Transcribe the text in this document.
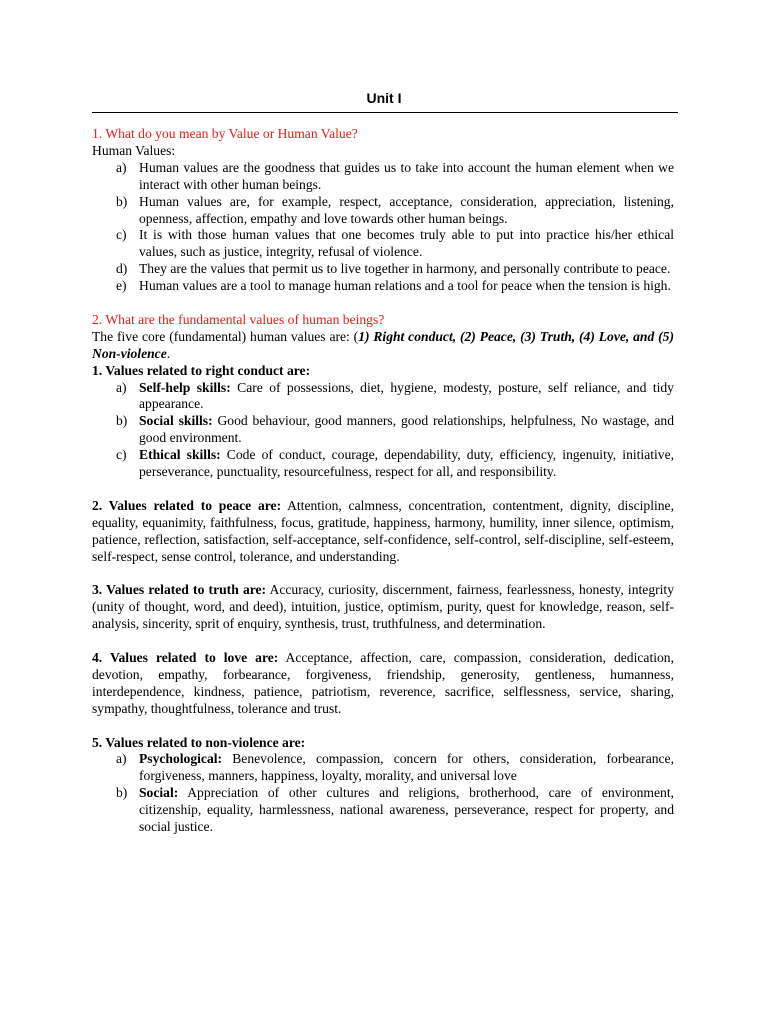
Unit I

1. What do you mean by Value or Human Value?

Human Values:

a) Human values are the goodness that guides us to take into account the human element when we interact with other human beings.
b) Human values are, for example, respect, acceptance, consideration, appreciation, listening, openness, affection, empathy and love towards other human beings.
c) It is with those human values that one becomes truly able to put into practice his/her ethical values, such as justice, integrity, refusal of violence.
d) They are the values that permit us to live together in harmony, and personally contribute to peace.
e) Human values are a tool to manage human relations and a tool for peace when the tension is high.

2. What are the fundamental values of human beings?

The five core (fundamental) human values are: (1) Right conduct, (2) Peace, (3) Truth, (4) Love, and (5) Non-violence.

1. Values related to right conduct are:

a) Self-help skills: Care of possessions, diet, hygiene, modesty, posture, self reliance, and tidy appearance.
b) Social skills: Good behaviour, good manners, good relationships, helpfulness, No wastage, and good environment.
c) Ethical skills: Code of conduct, courage, dependability, duty, efficiency, ingenuity, initiative, perseverance, punctuality, resourcefulness, respect for all, and responsibility.

2. Values related to peace are: Attention, calmness, concentration, contentment, dignity, discipline, equality, equanimity, faithfulness, focus, gratitude, happiness, harmony, humility, inner silence, optimism, patience, reflection, satisfaction, self-acceptance, self-confidence, self-control, self-discipline, self-esteem, self-respect, sense control, tolerance, and understanding.

3. Values related to truth are: Accuracy, curiosity, discernment, fairness, fearlessness, honesty, integrity (unity of thought, word, and deed), intuition, justice, optimism, purity, quest for knowledge, reason, self-analysis, sincerity, sprit of enquiry, synthesis, trust, truthfulness, and determination.

4. Values related to love are: Acceptance, affection, care, compassion, consideration, dedication, devotion, empathy, forbearance, forgiveness, friendship, generosity, gentleness, humanness, interdependence, kindness, patience, patriotism, reverence, sacrifice, selflessness, service, sharing, sympathy, thoughtfulness, tolerance and trust.

5. Values related to non-violence are:

a) Psychological: Benevolence, compassion, concern for others, consideration, forbearance, forgiveness, manners, happiness, loyalty, morality, and universal love
b) Social: Appreciation of other cultures and religions, brotherhood, care of environment, citizenship, equality, harmlessness, national awareness, perseverance, respect for property, and social justice.
